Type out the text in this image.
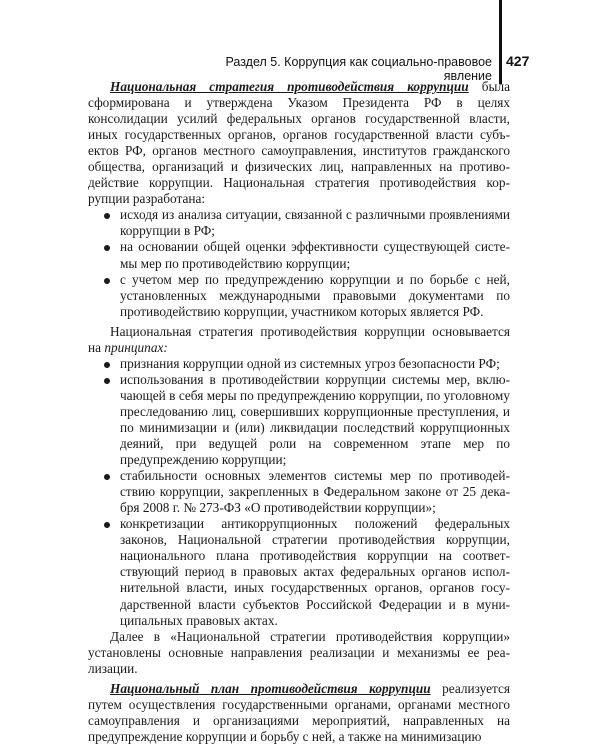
Раздел 5. Коррупция как социально-правовое явление
427

Национальная стратегия противодействия коррупции была сформирована и утверждена Указом Президента РФ в целях консолидации усилий федеральных органов государственной власти, иных государственных органов, органов государственной власти субъектов РФ, органов местного самоуправления, институтов гражданского общества, организаций и физических лиц, направленных на противодействие коррупции. Национальная стратегия противодействия коррупции разработана:

исходя из анализа ситуации, связанной с различными проявлениями коррупции в РФ;
на основании общей оценки эффективности существующей системы мер по противодействию коррупции;
с учетом мер по предупреждению коррупции и по борьбе с ней, установленных международными правовыми документами по противодействию коррупции, участником которых является РФ.

Национальная стратегия противодействия коррупции основывается на принципах:

признания коррупции одной из системных угроз безопасности РФ;
использования в противодействии коррупции системы мер, включающей в себя меры по предупреждению коррупции, по уголовному преследованию лиц, совершивших коррупционные преступления, и по минимизации и (или) ликвидации последствий коррупционных деяний, при ведущей роли на современном этапе мер по предупреждению коррупции;
стабильности основных элементов системы мер по противодействию коррупции, закрепленных в Федеральном законе от 25 декабря 2008 г. № 273-ФЗ «О противодействии коррупции»;
конкретизации антикоррупционных положений федеральных законов, Национальной стратегии противодействия коррупции, национального плана противодействия коррупции на соответствующий период в правовых актах федеральных органов исполнительной власти, иных государственных органов, органов государственной власти субъектов Российской Федерации и в муниципальных правовых актах.

Далее в «Национальной стратегии противодействия коррупции» установлены основные направления реализации и механизмы ее реализации.

Национальный план противодействия коррупции реализуется путем осуществления государственными органами, органами местного самоуправления и организациями мероприятий, направленных на предупреждение коррупции и борьбу с ней, а также на минимизацию
